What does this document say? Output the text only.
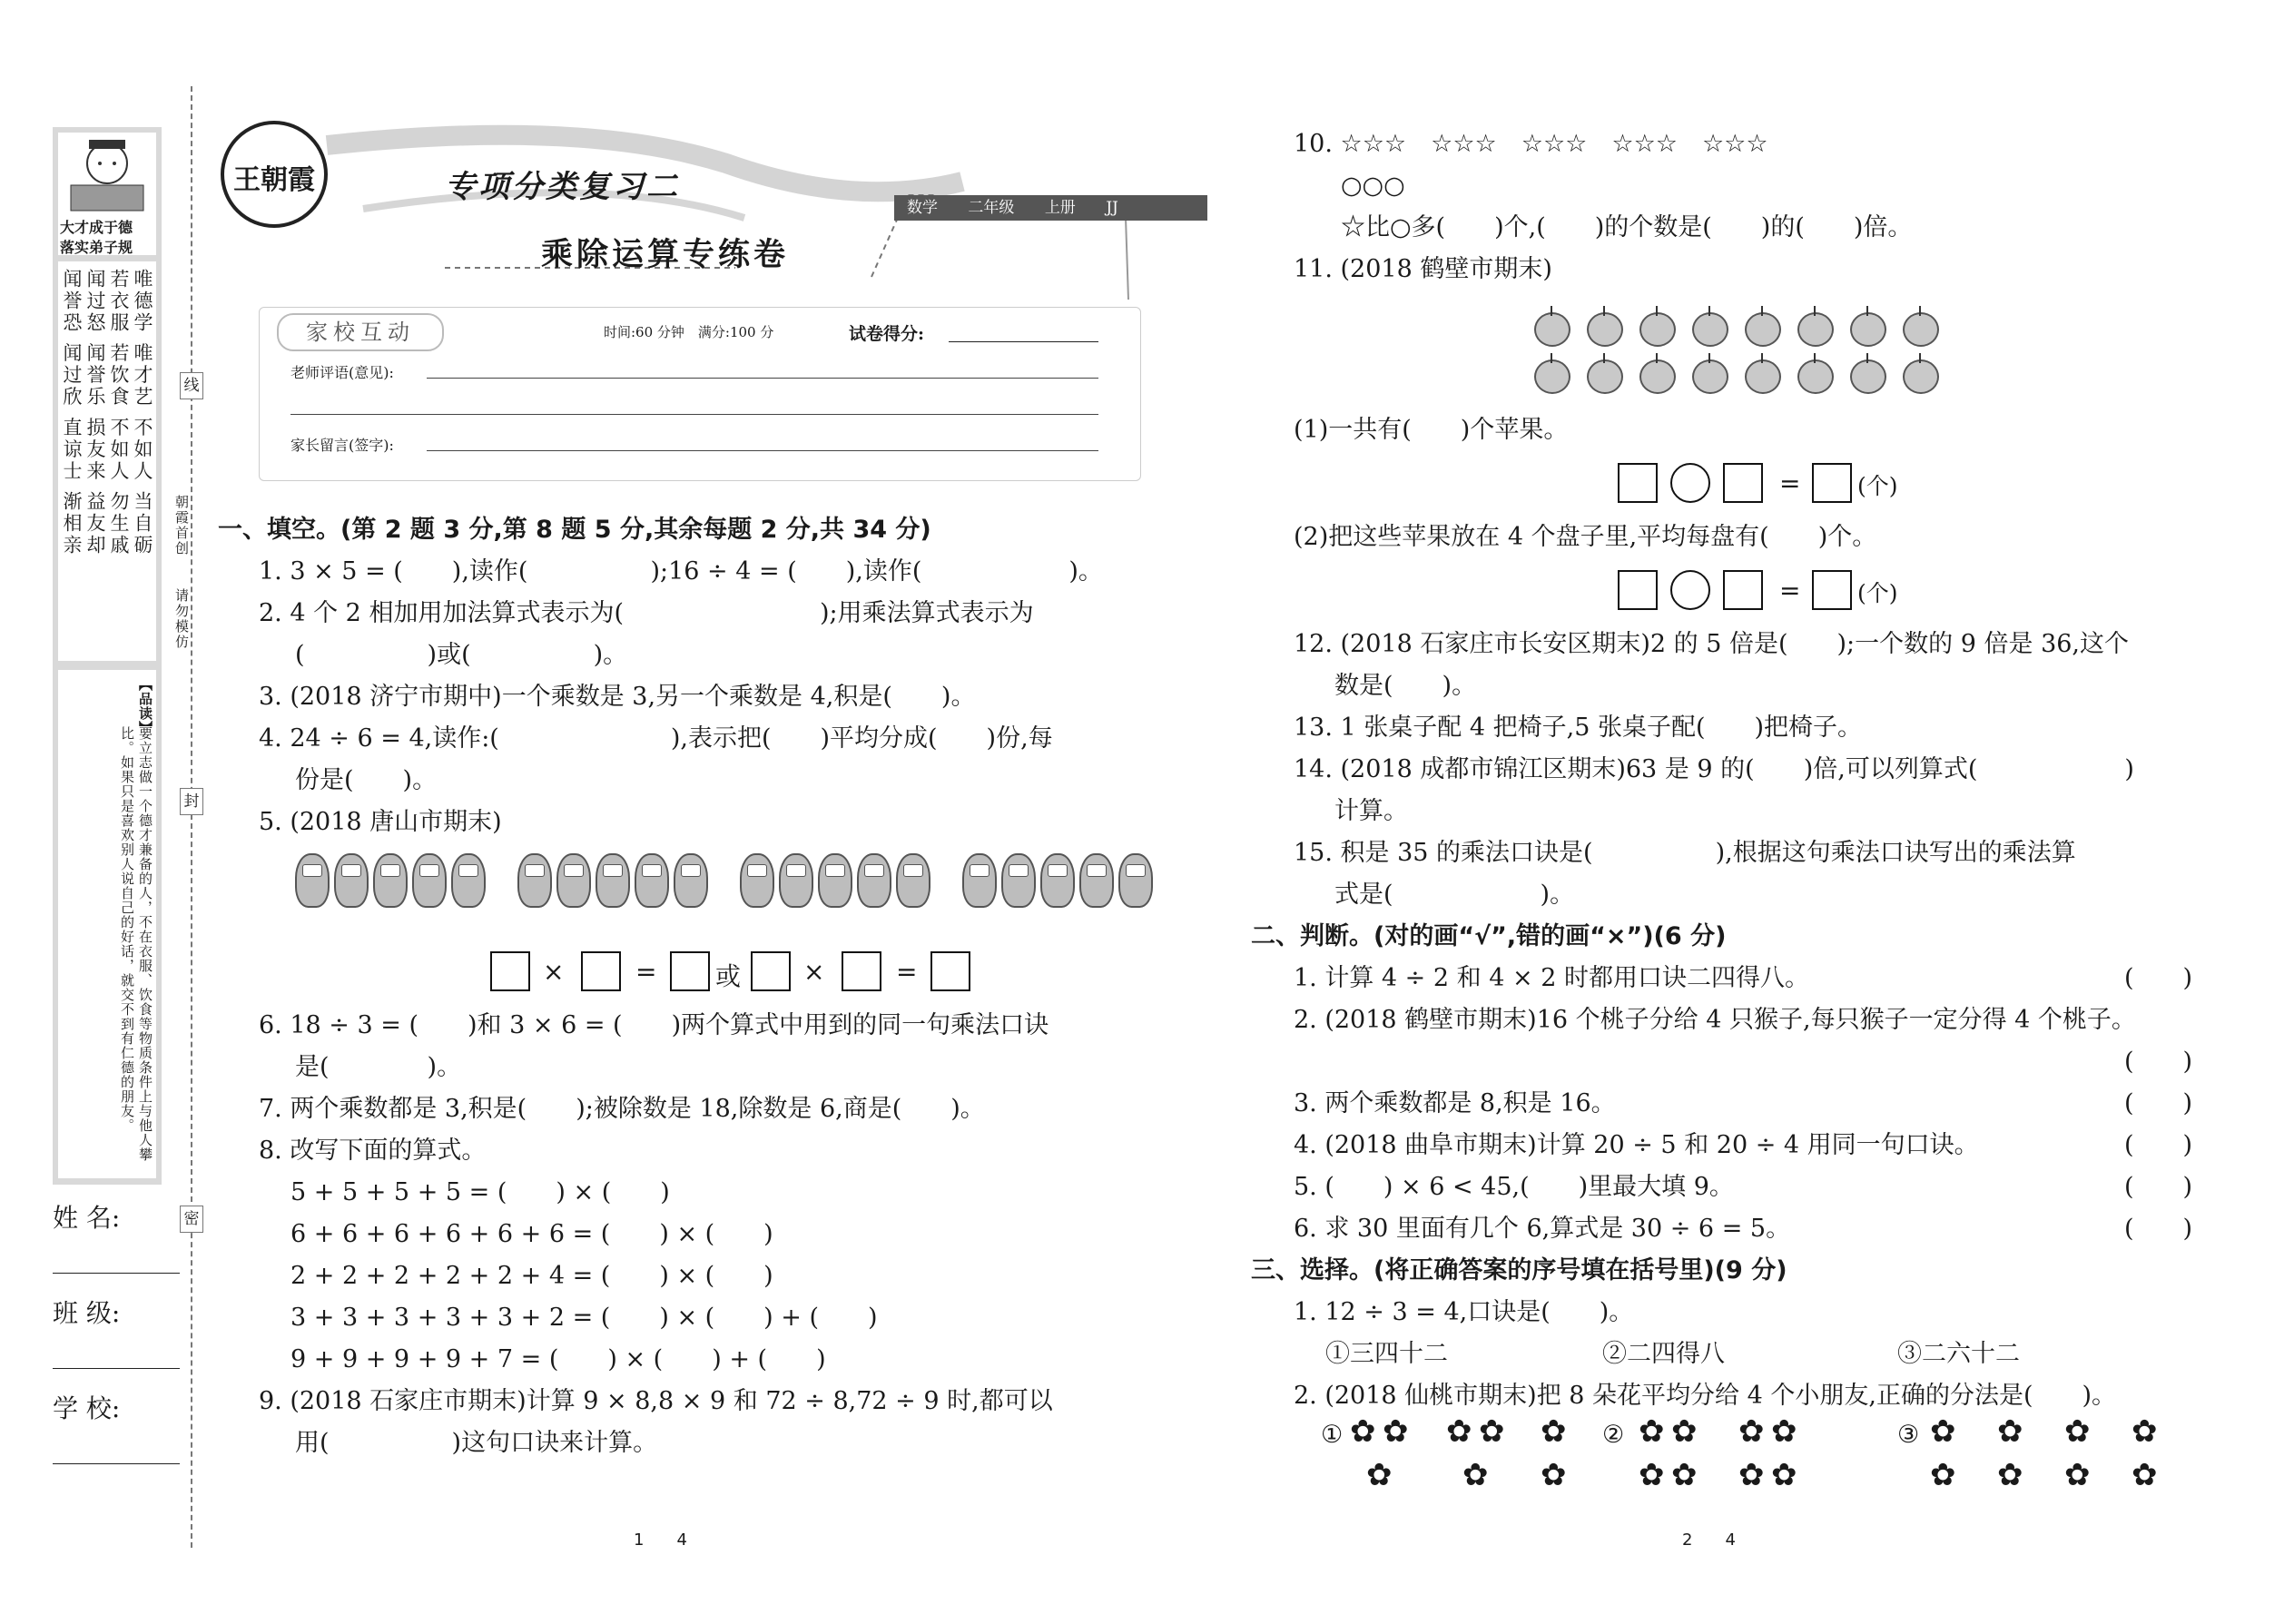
大才成于德
落实弟子规
唯德学 唯才艺 不如人 当自砺
若衣服 若饮食 不如人 勿生戚
闻过怒 闻誉乐 损友来 益友却
闻誉恐 闻过欣 直谅士 渐相亲
【品读】
要立志做一个德才兼备的人，不在衣服、饮食等物质条件上与他人攀比。如果只是喜欢别人说自己的好话，就交不到有仁德的朋友。
姓 名:
班 级:
学 校:
线
封
密
朝霞首创
请勿模仿
王朝霞	专项分类复习二
乘除运算专练卷
数学 二年级 上册 JJ
家校互动	时间:60 分钟　满分:100 分	试卷得分:
老师评语(意见):
家长留言(签字):
一、填空。(第 2 题 3 分,第 8 题 5 分,其余每题 2 分,共 34 分)
1. 3 × 5 = (　　),读作(　　　　　);16 ÷ 4 = (　　),读作(　　　　　　)。
2. 4 个 2 相加用加法算式表示为(　　　　　　　　);用乘法算式表示为
(　　　　　)或(　　　　　)。
3. (2018 济宁市期中)一个乘数是 3,另一个乘数是 4,积是(　　)。
4. 24 ÷ 6 = 4,读作:(　　　　　　　),表示把(　　)平均分成(　　)份,每
份是(　　)。
5. (2018 唐山市期末)
×	= 或 ×	=
6. 18 ÷ 3 = (　　)和 3 × 6 = (　　)两个算式中用到的同一句乘法口诀
是(　　　　)。
7. 两个乘数都是 3,积是(　　);被除数是 18,除数是 6,商是(　　)。
8. 改写下面的算式。
5 + 5 + 5 + 5 = (　　) × (　　)
6 + 6 + 6 + 6 + 6 + 6 = (　　) × (　　)
2 + 2 + 2 + 2 + 2 + 4 = (　　) × (　　)
3 + 3 + 3 + 3 + 3 + 2 = (　　) × (　　) + (　　)
9 + 9 + 9 + 9 + 7 = (　　) × (　　) + (　　)
9. (2018 石家庄市期末)计算 9 × 8,8 × 9 和 72 ÷ 8,72 ÷ 9 时,都可以
用(　　　　　)这句口诀来计算。
1　　4
10. ☆☆☆　☆☆☆　☆☆☆　☆☆☆　☆☆☆
○○○
☆比○多(　　)个,(　　)的个数是(　　)的(　　)倍。
11. (2018 鹤壁市期末)
(1)一共有(　　)个苹果。
=	(个)
(2)把这些苹果放在 4 个盘子里,平均每盘有(　　)个。
=	(个)
12. (2018 石家庄市长安区期末)2 的 5 倍是(　　);一个数的 9 倍是 36,这个
数是(　　)。
13. 1 张桌子配 4 把椅子,5 张桌子配(　　)把椅子。
14. (2018 成都市锦江区期末)63 是 9 的(　　)倍,可以列算式(　　　　　　)
计算。
15. 积是 35 的乘法口诀是(　　　　　),根据这句乘法口诀写出的乘法算
式是(　　　　　　)。
二、判断。(对的画“√”,错的画“×”)(6 分)
1. 计算 4 ÷ 2 和 4 × 2 时都用口诀二四得八。	(　　)
2. (2018 鹤壁市期末)16 个桃子分给 4 只猴子,每只猴子一定分得 4 个桃子。
(　　)
3. 两个乘数都是 8,积是 16。	(　　)
4. (2018 曲阜市期末)计算 20 ÷ 5 和 20 ÷ 4 用同一句口诀。	(　　)
5. (　　) × 6 < 45,(　　)里最大填 9。	(　　)
6. 求 30 里面有几个 6,算式是 30 ÷ 6 = 5。	(　　)
三、选择。(将正确答案的序号填在括号里)(9 分)
1. 12 ÷ 3 = 4,口诀是(　　)。
①三四十二	②二四得八	③二六十二
2. (2018 仙桃市期末)把 8 朵花平均分给 4 个小朋友,正确的分法是(　　)。
① ✿ ✿ ✿ ✿ ✿
✿ ✿ ✿
② ✿ ✿ ✿ ✿
✿ ✿ ✿ ✿
③ ✿ ✿ ✿ ✿
✿ ✿ ✿ ✿
2　　4
